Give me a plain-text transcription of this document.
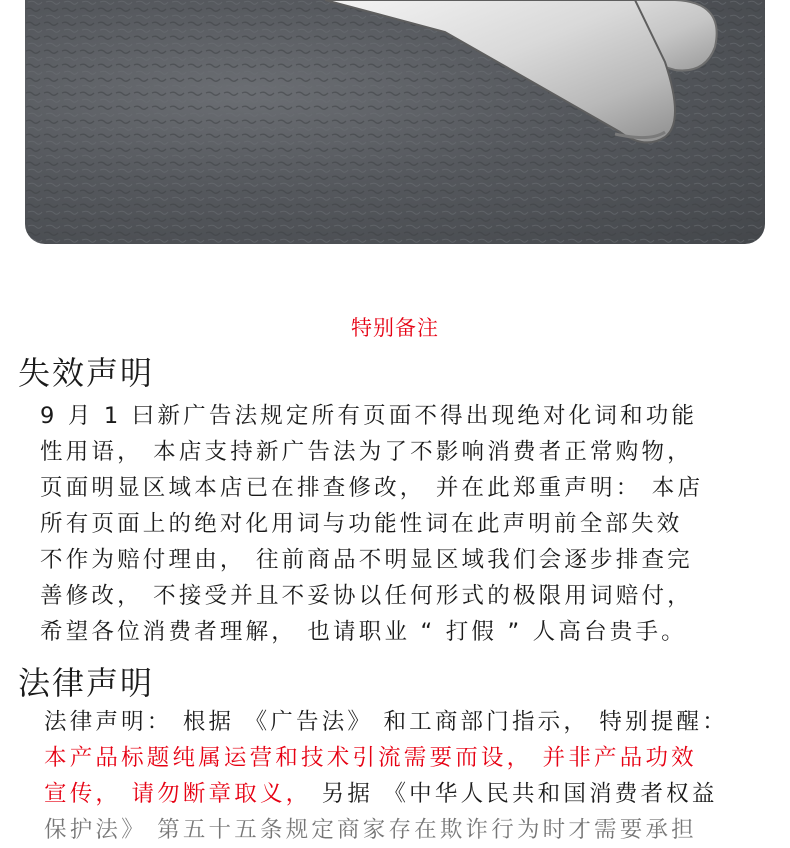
特别备注
失效声明
9 月 1 曰新广告法规定所有页面不得出现绝对化词和功能
性用语， 本店支持新广告法为了不影响消费者正常购物，
页面明显区域本店已在排查修改， 并在此郑重声明： 本店
所有页面上的绝对化用词与功能性词在此声明前全部失效
不作为赔付理由， 往前商品不明显区域我们会逐步排查完
善修改， 不接受并且不妥协以任何形式的极限用词赔付，
希望各位消费者理解， 也请职业 “ 打假 ” 人高台贵手。
法律声明
法律声明： 根据 《广告法》 和工商部门指示， 特别提醒：
本产品标题纯属运营和技术引流需要而设， 并非产品功效
宣传， 请勿断章取义， 另据 《中华人民共和国消费者权益
保护法》 第五十五条规定商家存在欺诈行为时才需要承担
